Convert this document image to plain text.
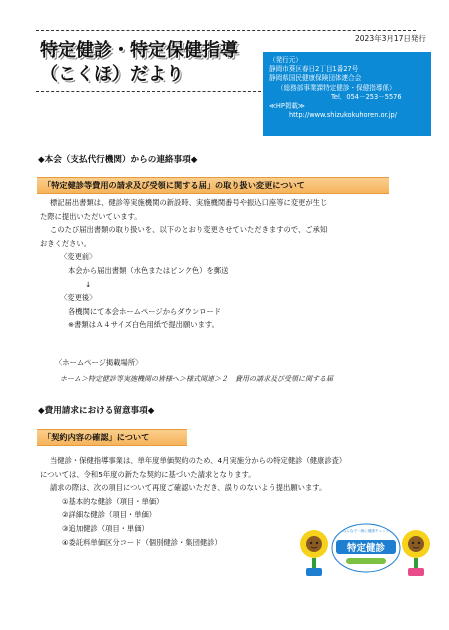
2023年3月17日発行
特定健診・特定保健指導
（こくほ）だより
（発行元）
静岡市葵区春日2丁目1番27号
静岡県国民健康保険団体連合会
（総務部事業課特定健診・保健指導係）
Tel．054－253－5576
≪HP掲載≫
http://www.shizukokuhoren.or.jp/
◆本会（支払代行機関）からの連絡事項◆
「特定健診等費用の請求及び受領に関する届」の取り扱い変更について
標記届出書類は、健診等実施機関の新設時、実施機関番号や振込口座等に変更が生じ
た際に提出いただいています。
このたび届出書類の取り扱いを、以下のとおり変更させていただきますので、ご承知
おきください。
〈変更前〉
本会から届出書類（水色またはピンク色）を郵送
↓
〈変更後〉
各機関にて本会ホームページからダウンロード
※書類はＡ４サイズ白色用紙で提出願います。
〈ホームページ掲載場所〉
ホーム＞特定健診等実施機関の皆様へ＞様式関連＞２　費用の請求及び受領に関する届
◆費用請求における留意事項◆
「契約内容の確認」について
当健診・保健指導事業は、単年度単価契約のため、4月実施分からの特定健診（健康診査）
については、令和5年度の新たな契約に基づいた請求となります。
請求の際は、次の項目について再度ご確認いただき、誤りのないよう提出願います。
①基本的な健診（項目・単価）
②詳細な健診（項目・単価）
③追加健診（項目・単価）
④委託料単価区分コード（個別健診・集団健診）
みんなで一緒に健康チェック
特定健診
